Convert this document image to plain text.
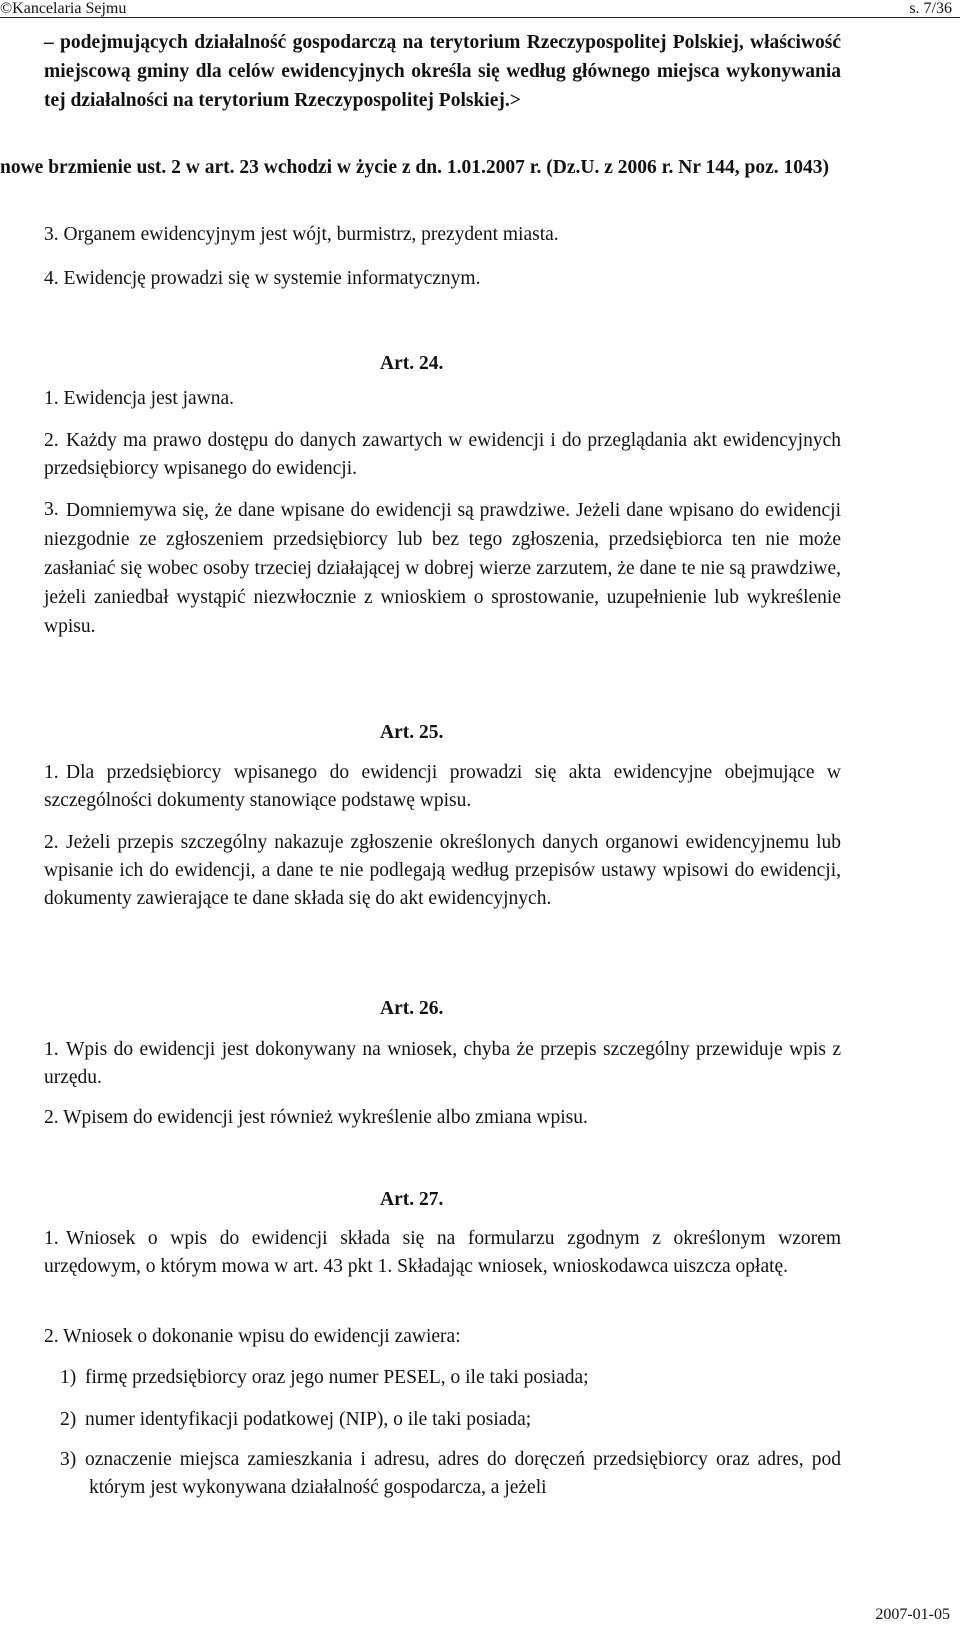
©Kancelaria Sejmu	s. 7/36

– podejmujących działalność gospodarczą na terytorium Rzeczypospolitej Polskiej, właściwość miejscową gminy dla celów ewidencyjnych określa się według głównego miejsca wykonywania tej działalności na terytorium Rzeczypospolitej Polskiej.>

nowe brzmienie ust. 2 w art. 23 wchodzi w życie z dn. 1.01.2007 r. (Dz.U. z 2006 r. Nr 144, poz. 1043)

3. Organem ewidencyjnym jest wójt, burmistrz, prezydent miasta.

4. Ewidencję prowadzi się w systemie informatycznym.

Art. 24.

1. Ewidencja jest jawna.

2. Każdy ma prawo dostępu do danych zawartych w ewidencji i do przeglądania akt ewidencyjnych przedsiębiorcy wpisanego do ewidencji.

3. Domniemywa się, że dane wpisane do ewidencji są prawdziwe. Jeżeli dane wpisano do ewidencji niezgodnie ze zgłoszeniem przedsiębiorcy lub bez tego zgłoszenia, przedsiębiorca ten nie może zasłaniać się wobec osoby trzeciej działającej w dobrej wierze zarzutem, że dane te nie są prawdziwe, jeżeli zaniedbał wystąpić niezwłocznie z wnioskiem o sprostowanie, uzupełnienie lub wykreślenie wpisu.

Art. 25.
1. Dla przedsiębiorcy wpisanego do ewidencji prowadzi się akta ewidencyjne obejmujące w szczególności dokumenty stanowiące podstawę wpisu.

2. Jeżeli przepis szczególny nakazuje zgłoszenie określonych danych organowi ewidencyjnemu lub wpisanie ich do ewidencji, a dane te nie podlegają według przepisów ustawy wpisowi do ewidencji, dokumenty zawierające te dane składa się do akt ewidencyjnych.

Art. 26.
1. Wpis do ewidencji jest dokonywany na wniosek, chyba że przepis szczególny przewiduje wpis z urzędu.

2. Wpisem do ewidencji jest również wykreślenie albo zmiana wpisu.

Art. 27.
1. Wniosek o wpis do ewidencji składa się na formularzu zgodnym z określonym wzorem urzędowym, o którym mowa w art. 43 pkt 1. Składając wniosek, wnioskodawca uiszcza opłatę.

2. Wniosek o dokonanie wpisu do ewidencji zawiera:

1) firmę przedsiębiorcy oraz jego numer PESEL, o ile taki posiada;

2) numer identyfikacji podatkowej (NIP), o ile taki posiada;

3) oznaczenie miejsca zamieszkania i adresu, adres do doręczeń przedsiębiorcy oraz adres, pod którym jest wykonywana działalność gospodarcza, a jeżeli

2007-01-05
